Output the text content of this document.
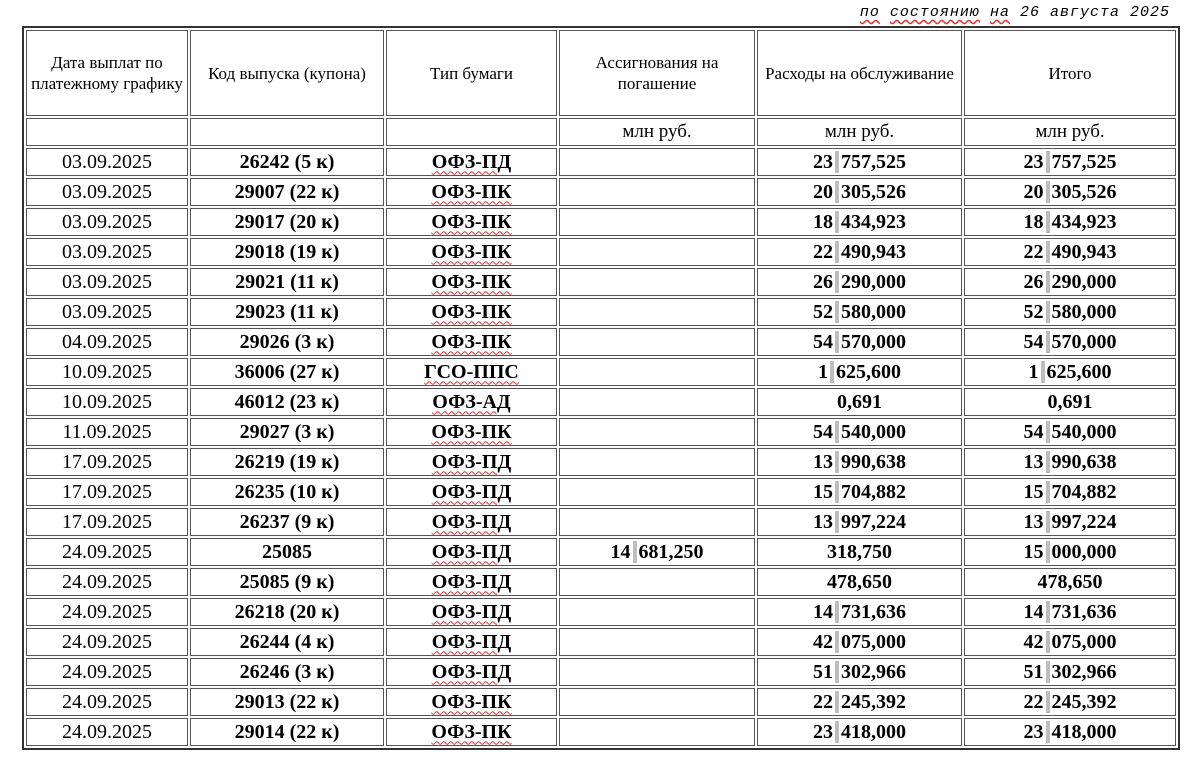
по состоянию на 26 августа 2025
Дата выплат по платежному графику	Код выпуска (купона)	Тип бумаги	Ассигнования на погашение	Расходы на обслуживание	Итого
			млн руб.	млн руб.	млн руб.
03.09.2025	26242 (5 к)	ОФЗ-ПД		23 757,525	23 757,525

03.09.2025	29007 (22 к)	ОФЗ-ПК		20 305,526	20 305,526

03.09.2025	29017 (20 к)	ОФЗ-ПК		18 434,923	18 434,923

03.09.2025	29018 (19 к)	ОФЗ-ПК		22 490,943	22 490,943

03.09.2025	29021 (11 к)	ОФЗ-ПК		26 290,000	26 290,000

03.09.2025	29023 (11 к)	ОФЗ-ПК		52 580,000	52 580,000

04.09.2025	29026 (3 к)	ОФЗ-ПК		54 570,000	54 570,000

10.09.2025	36006 (27 к)	ГСО-ППС		1 625,600	1 625,600

10.09.2025	46012 (23 к)	ОФЗ-АД		0,691	0,691
11.09.2025	29027 (3 к)	ОФЗ-ПК		54 540,000	54 540,000

17.09.2025	26219 (19 к)	ОФЗ-ПД		13 990,638	13 990,638

17.09.2025	26235 (10 к)	ОФЗ-ПД		15 704,882	15 704,882

17.09.2025	26237 (9 к)	ОФЗ-ПД		13 997,224	13 997,224

24.09.2025	25085	ОФЗ-ПД	14 681,250	318,750	15 000,000

24.09.2025	25085 (9 к)	ОФЗ-ПД		478,650	478,650
24.09.2025	26218 (20 к)	ОФЗ-ПД		14 731,636	14 731,636

24.09.2025	26244 (4 к)	ОФЗ-ПД		42 075,000	42 075,000

24.09.2025	26246 (3 к)	ОФЗ-ПД		51 302,966	51 302,966

24.09.2025	29013 (22 к)	ОФЗ-ПК		22 245,392	22 245,392

24.09.2025	29014 (22 к)	ОФЗ-ПК		23 418,000	23 418,000
